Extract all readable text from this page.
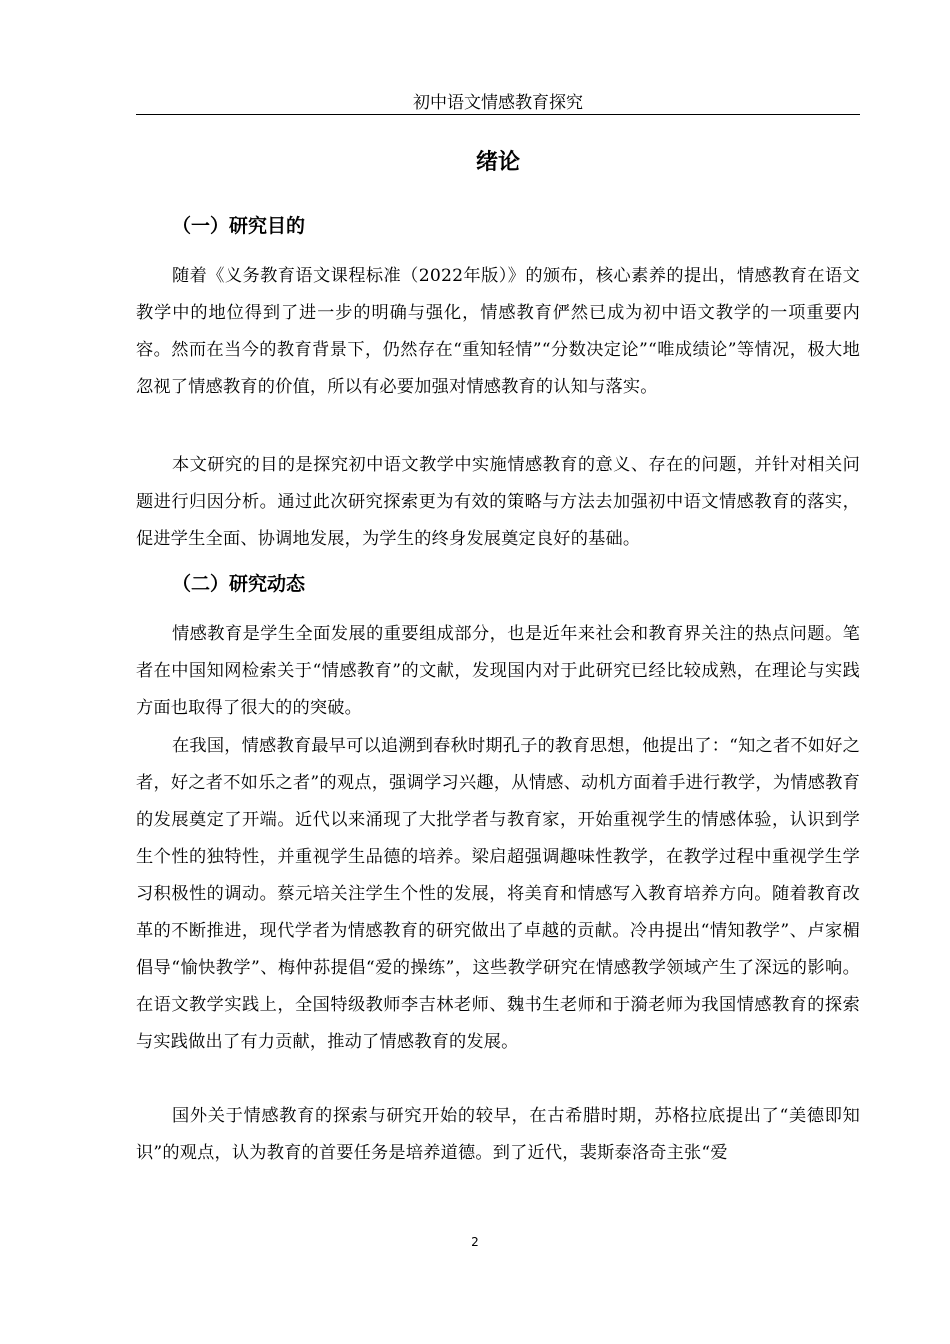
初中语文情感教育探究
绪论
（一）研究目的

随着《义务教育语文课程标准（2022年版）》的颁布，核心素养的提出，情感教育在语文教学中的地位得到了进一步的明确与强化，情感教育俨然已成为初中语文教学的一项重要内容。然而在当今的教育背景下，仍然存在“重知轻情”“分数决定论”“唯成绩论”等情况，极大地忽视了情感教育的价值，所以有必要加强对情感教育的认知与落实。

本文研究的目的是探究初中语文教学中实施情感教育的意义、存在的问题，并针对相关问题进行归因分析。通过此次研究探索更为有效的策略与方法去加强初中语文情感教育的落实，促进学生全面、协调地发展，为学生的终身发展奠定良好的基础。

（二）研究动态

情感教育是学生全面发展的重要组成部分，也是近年来社会和教育界关注的热点问题。笔者在中国知网检索关于“情感教育”的文献，发现国内对于此研究已经比较成熟，在理论与实践方面也取得了很大的的突破。

在我国，情感教育最早可以追溯到春秋时期孔子的教育思想，他提出了：“知之者不如好之者，好之者不如乐之者”的观点，强调学习兴趣，从情感、动机方面着手进行教学，为情感教育的发展奠定了开端。近代以来涌现了大批学者与教育家，开始重视学生的情感体验，认识到学生个性的独特性，并重视学生品德的培养。梁启超强调趣味性教学，在教学过程中重视学生学习积极性的调动。蔡元培关注学生个性的发展，将美育和情感写入教育培养方向。随着教育改革的不断推进，现代学者为情感教育的研究做出了卓越的贡献。冷冉提出“情知教学”、卢家楣倡导“愉快教学”、梅仲荪提倡“爱的操练”，这些教学研究在情感教学领域产生了深远的影响。在语文教学实践上，全国特级教师李吉林老师、魏书生老师和于漪老师为我国情感教育的探索与实践做出了有力贡献，推动了情感教育的发展。

国外关于情感教育的探索与研究开始的较早，在古希腊时期，苏格拉底提出了“美德即知识”的观点，认为教育的首要任务是培养道德。到了近代，裴斯泰洛奇主张“爱

2
